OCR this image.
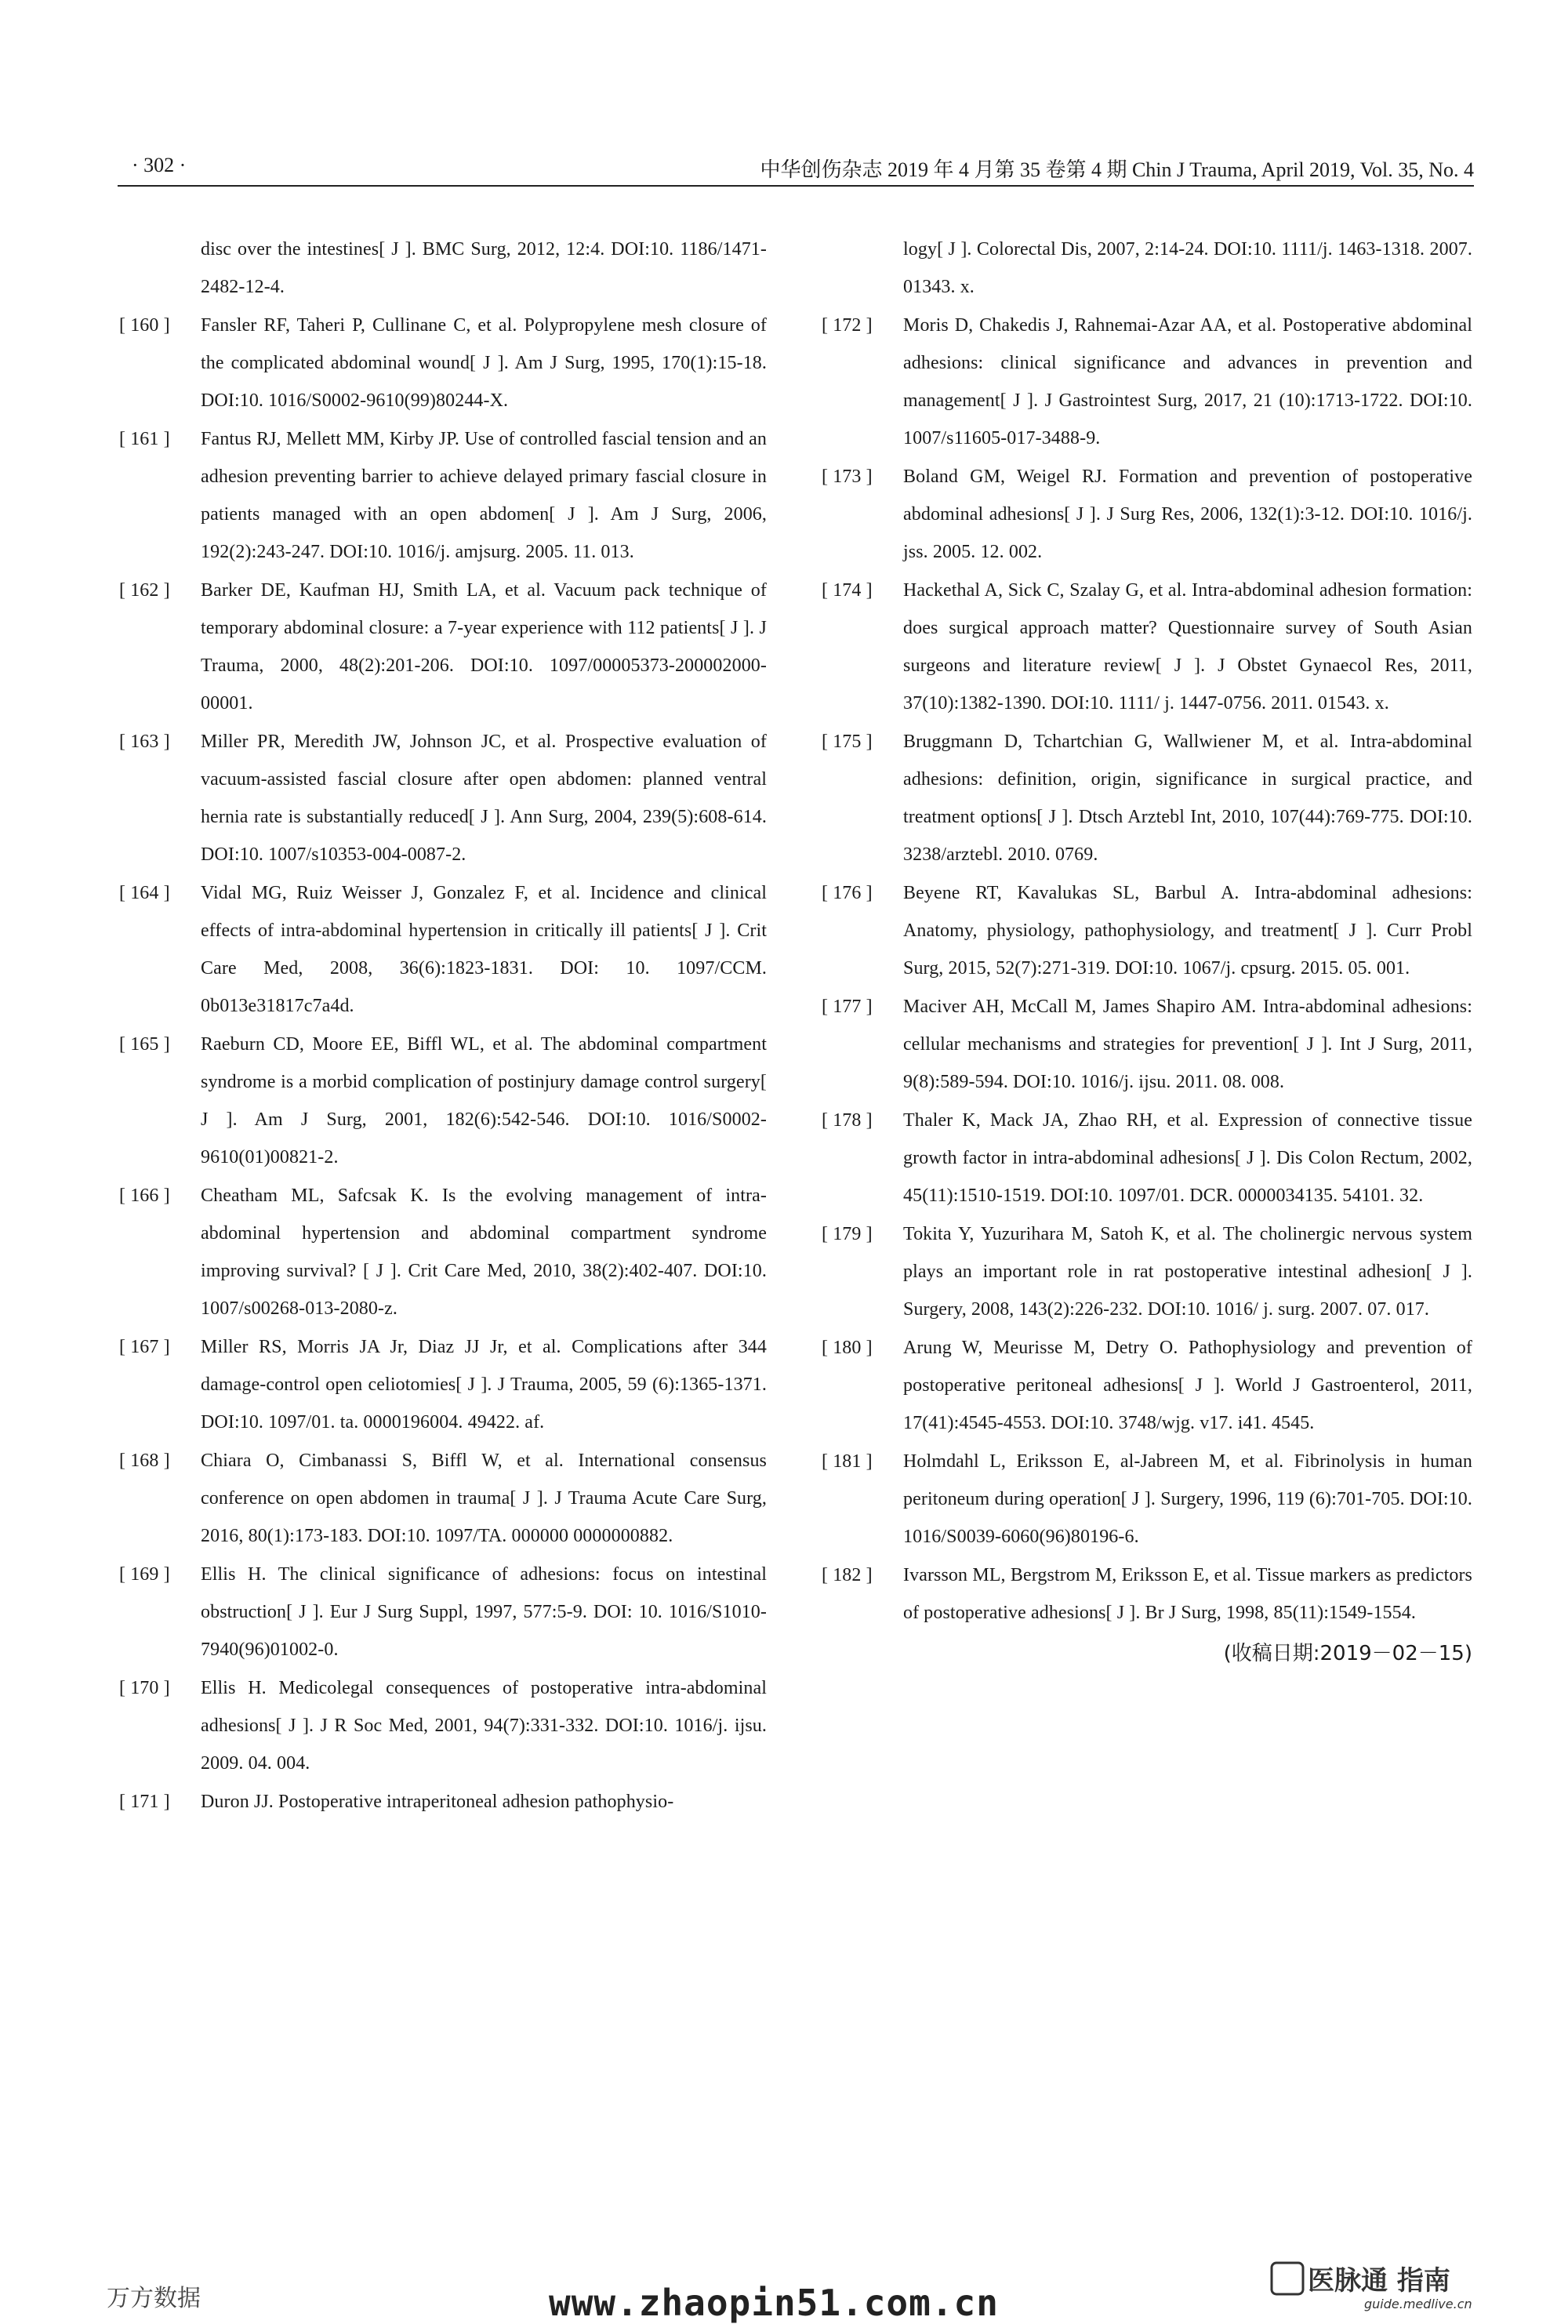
· 302 ·	中华创伤杂志 2019 年 4 月第 35 卷第 4 期 Chin J Trauma, April 2019, Vol. 35, No. 4
disc over the intestines[ J ]. BMC Surg, 2012, 12:4. DOI:10. 1186/1471-2482-12-4.
[ 160 ]	Fansler RF, Taheri P, Cullinane C, et al. Polypropylene mesh closure of the complicated abdominal wound[ J ]. Am J Surg, 1995, 170(1):15-18. DOI:10. 1016/S0002-9610(99)80244-X.
[ 161 ]	Fantus RJ, Mellett MM, Kirby JP. Use of controlled fascial tension and an adhesion preventing barrier to achieve delayed primary fascial closure in patients managed with an open abdomen[ J ]. Am J Surg, 2006, 192(2):243-247. DOI:10. 1016/j. amjsurg. 2005. 11. 013.
[ 162 ]	Barker DE, Kaufman HJ, Smith LA, et al. Vacuum pack technique of temporary abdominal closure: a 7-year experience with 112 patients[ J ]. J Trauma, 2000, 48(2):201-206. DOI:10. 1097/00005373-200002000-00001.
[ 163 ]	Miller PR, Meredith JW, Johnson JC, et al. Prospective evaluation of vacuum-assisted fascial closure after open abdomen: planned ventral hernia rate is substantially reduced[ J ]. Ann Surg, 2004, 239(5):608-614. DOI:10. 1007/s10353-004-0087-2.
[ 164 ]	Vidal MG, Ruiz Weisser J, Gonzalez F, et al. Incidence and clinical effects of intra-abdominal hypertension in critically ill patients[ J ]. Crit Care Med, 2008, 36(6):1823-1831. DOI: 10. 1097/CCM. 0b013e31817c7a4d.
[ 165 ]	Raeburn CD, Moore EE, Biffl WL, et al. The abdominal compartment syndrome is a morbid complication of postinjury damage control surgery[ J ]. Am J Surg, 2001, 182(6):542-546. DOI:10. 1016/S0002-9610(01)00821-2.
[ 166 ]	Cheatham ML, Safcsak K. Is the evolving management of intra-abdominal hypertension and abdominal compartment syndrome improving survival? [ J ]. Crit Care Med, 2010, 38(2):402-407. DOI:10. 1007/s00268-013-2080-z.
[ 167 ]	Miller RS, Morris JA Jr, Diaz JJ Jr, et al. Complications after 344 damage-control open celiotomies[ J ]. J Trauma, 2005, 59 (6):1365-1371. DOI:10. 1097/01. ta. 0000196004. 49422. af.
[ 168 ]	Chiara O, Cimbanassi S, Biffl W, et al. International consensus conference on open abdomen in trauma[ J ]. J Trauma Acute Care Surg, 2016, 80(1):173-183. DOI:10. 1097/TA. 000000 0000000882.
[ 169 ]	Ellis H. The clinical significance of adhesions: focus on intestinal obstruction[ J ]. Eur J Surg Suppl, 1997, 577:5-9. DOI: 10. 1016/S1010-7940(96)01002-0.
[ 170 ]	Ellis H. Medicolegal consequences of postoperative intra-abdominal adhesions[ J ]. J R Soc Med, 2001, 94(7):331-332. DOI:10. 1016/j. ijsu. 2009. 04. 004.
[ 171 ]	Duron JJ. Postoperative intraperitoneal adhesion pathophysio-
logy[ J ]. Colorectal Dis, 2007, 2:14-24. DOI:10. 1111/j. 1463-1318. 2007. 01343. x.
[ 172 ]	Moris D, Chakedis J, Rahnemai-Azar AA, et al. Postoperative abdominal adhesions: clinical significance and advances in prevention and management[ J ]. J Gastrointest Surg, 2017, 21 (10):1713-1722. DOI:10. 1007/s11605-017-3488-9.
[ 173 ]	Boland GM, Weigel RJ. Formation and prevention of postoperative abdominal adhesions[ J ]. J Surg Res, 2006, 132(1):3-12. DOI:10. 1016/j. jss. 2005. 12. 002.
[ 174 ]	Hackethal A, Sick C, Szalay G, et al. Intra-abdominal adhesion formation: does surgical approach matter? Questionnaire survey of South Asian surgeons and literature review[ J ]. J Obstet Gynaecol Res, 2011, 37(10):1382-1390. DOI:10. 1111/ j. 1447-0756. 2011. 01543. x.
[ 175 ]	Bruggmann D, Tchartchian G, Wallwiener M, et al. Intra-abdominal adhesions: definition, origin, significance in surgical practice, and treatment options[ J ]. Dtsch Arztebl Int, 2010, 107(44):769-775. DOI:10. 3238/arztebl. 2010. 0769.
[ 176 ]	Beyene RT, Kavalukas SL, Barbul A. Intra-abdominal adhesions: Anatomy, physiology, pathophysiology, and treatment[ J ]. Curr Probl Surg, 2015, 52(7):271-319. DOI:10. 1067/j. cpsurg. 2015. 05. 001.
[ 177 ]	Maciver AH, McCall M, James Shapiro AM. Intra-abdominal adhesions: cellular mechanisms and strategies for prevention[ J ]. Int J Surg, 2011, 9(8):589-594. DOI:10. 1016/j. ijsu. 2011. 08. 008.
[ 178 ]	Thaler K, Mack JA, Zhao RH, et al. Expression of connective tissue growth factor in intra-abdominal adhesions[ J ]. Dis Colon Rectum, 2002, 45(11):1510-1519. DOI:10. 1097/01. DCR. 0000034135. 54101. 32.
[ 179 ]	Tokita Y, Yuzurihara M, Satoh K, et al. The cholinergic nervous system plays an important role in rat postoperative intestinal adhesion[ J ]. Surgery, 2008, 143(2):226-232. DOI:10. 1016/ j. surg. 2007. 07. 017.
[ 180 ]	Arung W, Meurisse M, Detry O. Pathophysiology and prevention of postoperative peritoneal adhesions[ J ]. World J Gastroenterol, 2011, 17(41):4545-4553. DOI:10. 3748/wjg. v17. i41. 4545.
[ 181 ]	Holmdahl L, Eriksson E, al-Jabreen M, et al. Fibrinolysis in human peritoneum during operation[ J ]. Surgery, 1996, 119 (6):701-705. DOI:10. 1016/S0039-6060(96)80196-6.
[ 182 ]	Ivarsson ML, Bergstrom M, Eriksson E, et al. Tissue markers as predictors of postoperative adhesions[ J ]. Br J Surg, 1998, 85(11):1549-1554.
(收稿日期:2019－02－15)
万方数据	www.zhaopin51.com.cn
医脉通 指南
guide.medlive.cn
